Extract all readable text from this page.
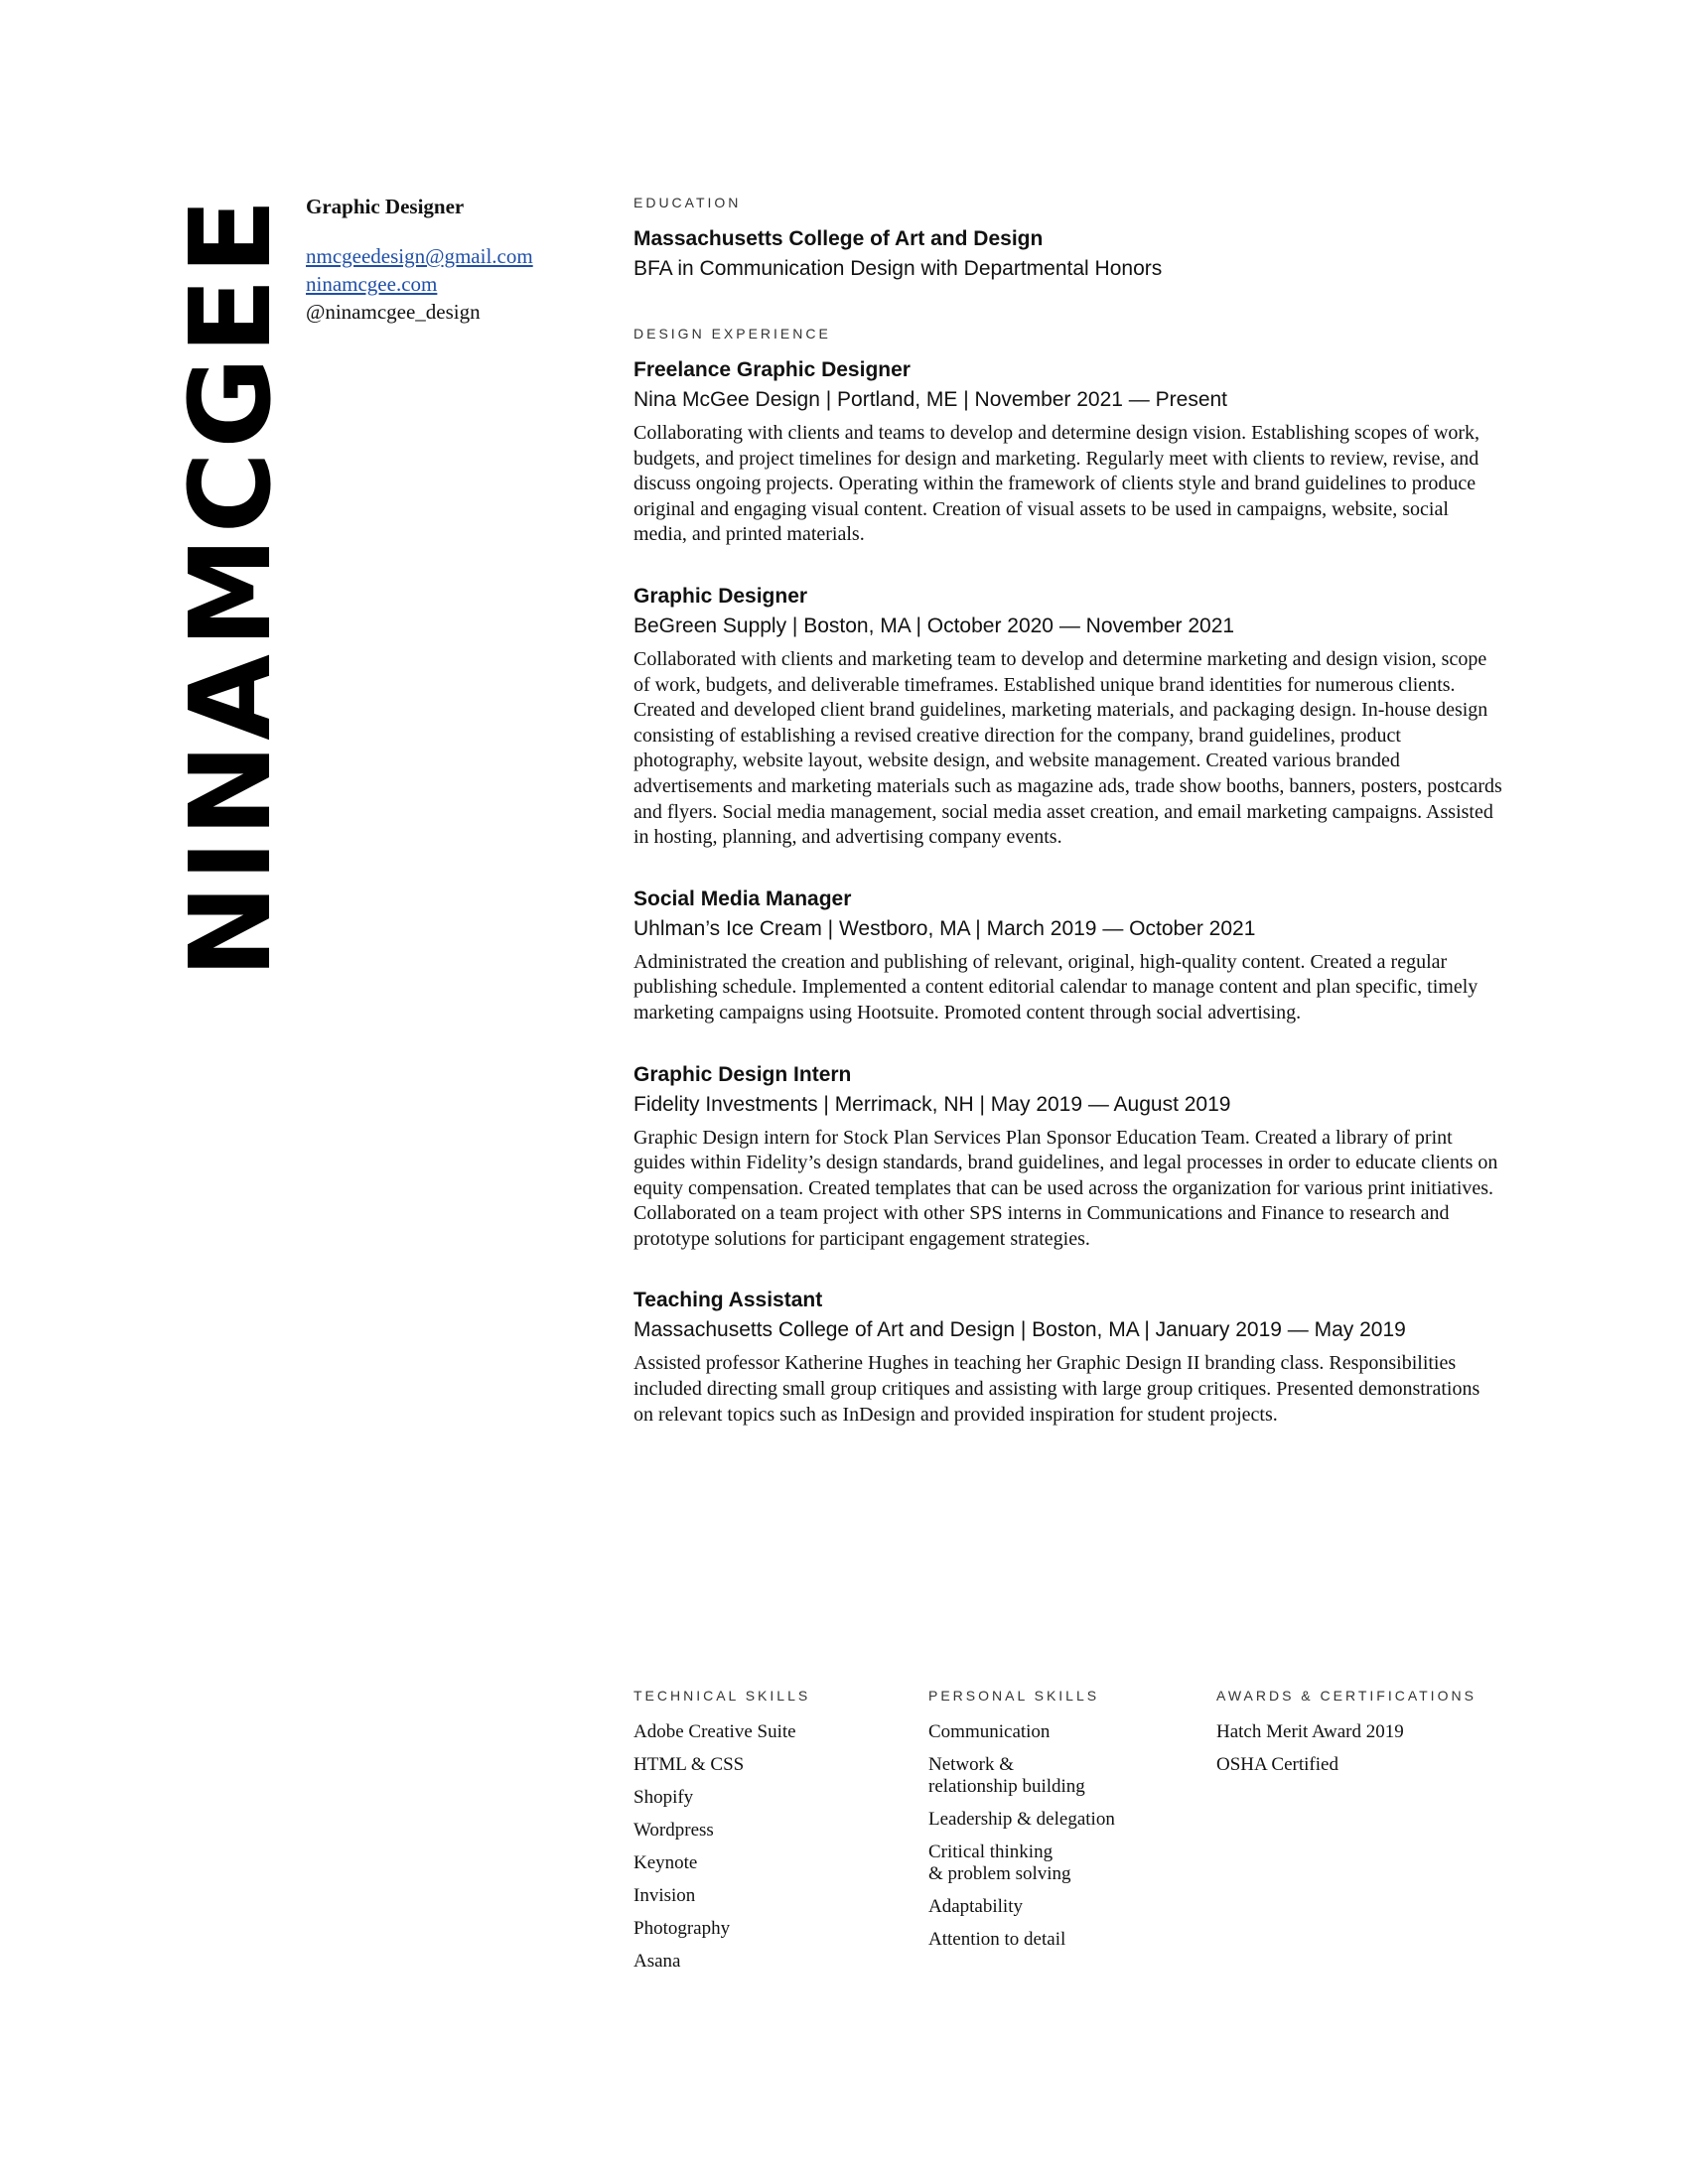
N
I
N
A
M
C
G
E
E Graphic Designer
nmcgeedesign@gmail.com
ninamcgee.com
@ninamcgee_design
EDUCATION
Massachusetts College of Art and Design
BFA in Communication Design with Departmental Honors
DESIGN EXPERIENCE
Freelance Graphic Designer
Nina McGee Design | Portland, ME | November 2021 — Present
Collaborating with clients and teams to develop and determine design vision. Establishing scopes of work, budgets, and project timelines for design and marketing. Regularly meet with clients to review, revise, and discuss ongoing projects. Operating within the framework of clients style and brand guidelines to produce original and engaging visual content. Creation of visual assets to be used in campaigns, website, social media, and printed materials.
Graphic Designer
BeGreen Supply | Boston, MA | October 2020 — November 2021
Collaborated with clients and marketing team to develop and determine marketing and design vision, scope of work, budgets, and deliverable timeframes. Established unique brand identities for numerous clients. Created and developed client brand guidelines, marketing materials, and packaging design. In-house design consisting of establishing a revised creative direction for the company, brand guidelines, product photography, website layout, website design, and website management. Created various branded advertisements and marketing materials such as magazine ads, trade show booths, banners, posters, postcards and flyers. Social media management, social media asset creation, and email marketing campaigns. Assisted in hosting, planning, and advertising company events.
Social Media Manager
Uhlman’s Ice Cream | Westboro, MA | March 2019 — October 2021
Administrated the creation and publishing of relevant, original, high-quality content. Created a regular publishing schedule. Implemented a content editorial calendar to manage content and plan specific, timely marketing campaigns using Hootsuite. Promoted content through social advertising.
Graphic Design Intern
Fidelity Investments | Merrimack, NH | May 2019 — August 2019
Graphic Design intern for Stock Plan Services Plan Sponsor Education Team. Created a library of print guides within Fidelity’s design standards, brand guidelines, and legal processes in order to educate clients on equity compensation. Created templates that can be used across the organization for various print initiatives. Collaborated on a team project with other SPS interns in Communications and Finance to research and prototype solutions for participant engagement strategies.
Teaching Assistant
Massachusetts College of Art and Design | Boston, MA | January 2019 — May 2019
Assisted professor Katherine Hughes in teaching her Graphic Design II branding class. Responsibilities included directing small group critiques and assisting with large group critiques. Presented demonstrations on relevant topics such as InDesign and provided inspiration for student projects.
TECHNICAL SKILLS
Adobe Creative Suite
HTML & CSS
Shopify
Wordpress
Keynote
Invision
Photography
Asana
PERSONAL SKILLS
Communication
Network &
relationship building
Leadership & delegation
Critical thinking
& problem solving
Adaptability
Attention to detail
AWARDS & CERTIFICATIONS
Hatch Merit Award 2019
OSHA Certified
